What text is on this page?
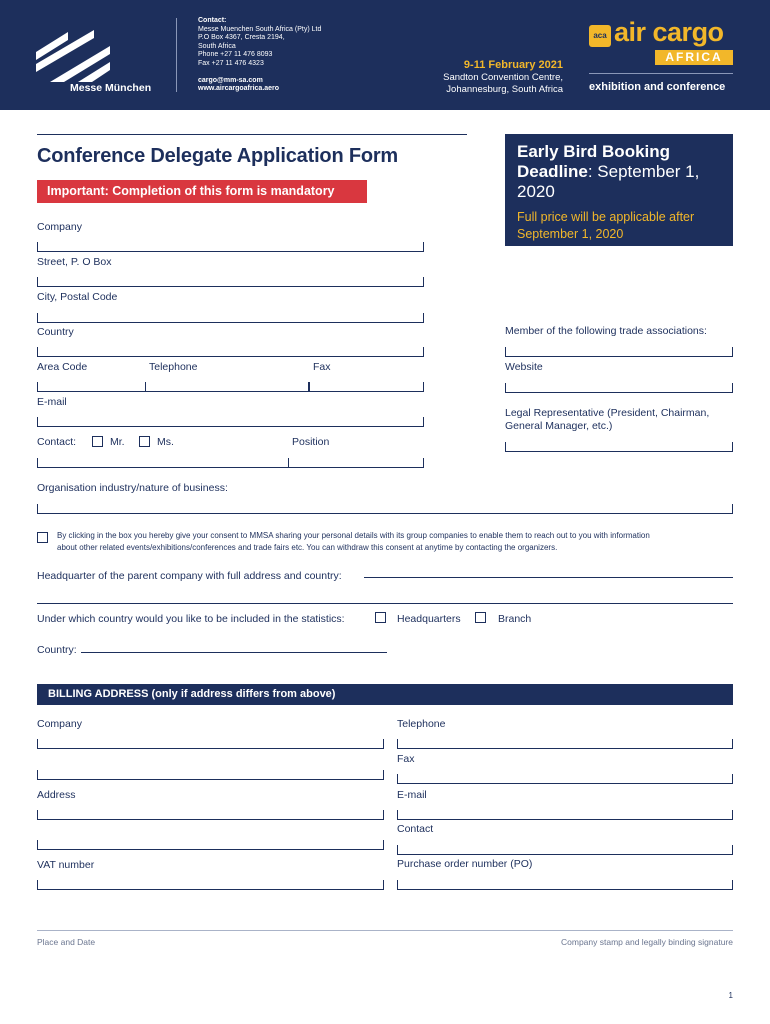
Messe München
Contact:
Messe Muenchen South Africa (Pty) Ltd
P.O Box 4367, Cresta 2194,
South Africa
Phone +27 11 476 8093
Fax +27 11 476 4323
cargo@mm-sa.com
www.aircargoafrica.aero
9-11 February 2021
Sandton Convention Centre,
Johannesburg, South Africa
aca air cargo
AFRICA
exhibition and conference
Conference Delegate Application Form
Important: Completion of this form is mandatory
Early Bird Booking Deadline: September 1, 2020
Full price will be applicable after September 1, 2020
Company
Street, P. O Box
City, Postal Code
Country
Area Code	Telephone	Fax
E-mail
Contact:	Mr.	Ms.	Position
Member of the following trade associations:
Website
Legal Representative (President, Chairman,
General Manager, etc.)
Organisation industry/nature of business:
By clicking in the box you hereby give your consent to MMSA sharing your personal details with its group companies to enable them to reach out to you with information
about other related events/exhibitions/conferences and trade fairs etc. You can withdraw this consent at anytime by contacting the organizers.
Headquarter of the parent company with full address and country:
Under which country would you like to be included in the statistics:	Headquarters	Branch
Country:
BILLING ADDRESS (only if address differs from above)
Company
Address
VAT number
Telephone
Fax
E-mail
Contact
Purchase order number (PO)
Place and Date	Company stamp and legally binding signature
1
